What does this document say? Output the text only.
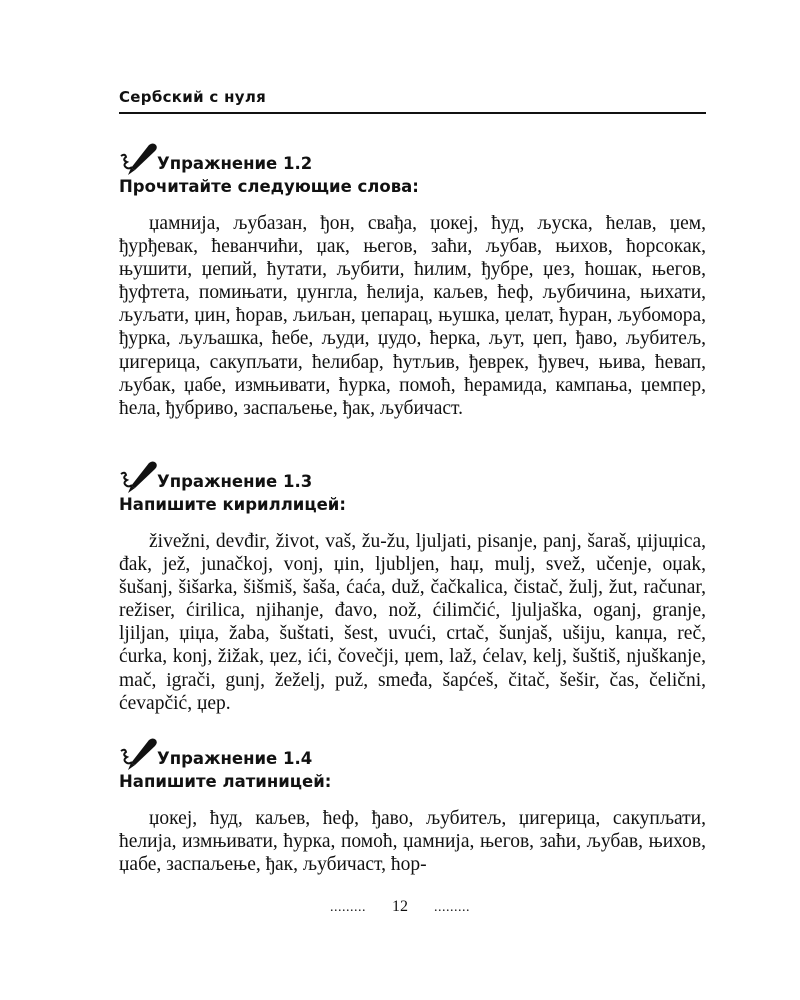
Сербский с нуля
Упражнение 1.2
Прочитайте следующие слова:
џамнија, љубазан, ђон, свађа, џокеј, ћуд, љуска, ћелав, џем, ђурђевак, ћеванчићи, џак, његов, заћи, љубав, њихов, ћорсокак, њушити, џепий, ћутати, љубити, ћилим, ђубре, џез, ћошак, његов, ђуфтета, помињати, џунгла, ћелија, каљев, ћеф, љубичина, њихати, љуљати, џин, ћорав, љиљан, џепарац, њушка, џелат, ћуран, љубомора, ђурка, љуљашка, ћебе, људи, џудо, ћерка, љут, џеп, ђаво, љубитељ, џигерица, сакупљати, ћелибар, ћутљив, ђеврек, ђувеч, њива, ћевап, љубак, џабе, измњивати, ћурка, помоћ, ћерамида, кампања, џемпер, ћела, ђубриво, заспаљење, ђак, љубичаст.
Упражнение 1.3
Напишите кириллицей:
živežni, devđir, život, vaš, žu-žu, ljuljati, pisanje, panj, šaraš, џijuџica, đak, jež, junačkoj, vonj, џin, ljubljen, haџ, mulj, svež, učenje, oџak, šušanj, šišarka, šišmiš, šaša, ćaća, duž, čačkalica, čistač, žulj, žut, računar, režiser, ćirilica, njihanje, đavo, nož, ćilimčić, ljuljaška, oganj, granje, ljiljan, џiџa, žaba, šuštati, šest, uvući, crtač, šunjaš, ušiju, kanџa, reč, ćurka, konj, žižak, џez, ići, čovečji, џem, laž, ćelav, kelj, šuštiš, njuškanje, mač, igrači, gunj, žeželj, puž, smeđa, šapćeš, čitač, šešir, čas, čelični, ćevapčić, џep.
Упражнение 1.4
Напишите латиницей:
џокеј, ћуд, каљев, ћеф, ђаво, љубитељ, џигерица, сакупљати, ћелија, измњивати, ћурка, помоћ, џамнија, његов, заћи, љубав, њихов, џабе, заспаљење, ђак, љубичаст, ћор-
......... 12 .........
